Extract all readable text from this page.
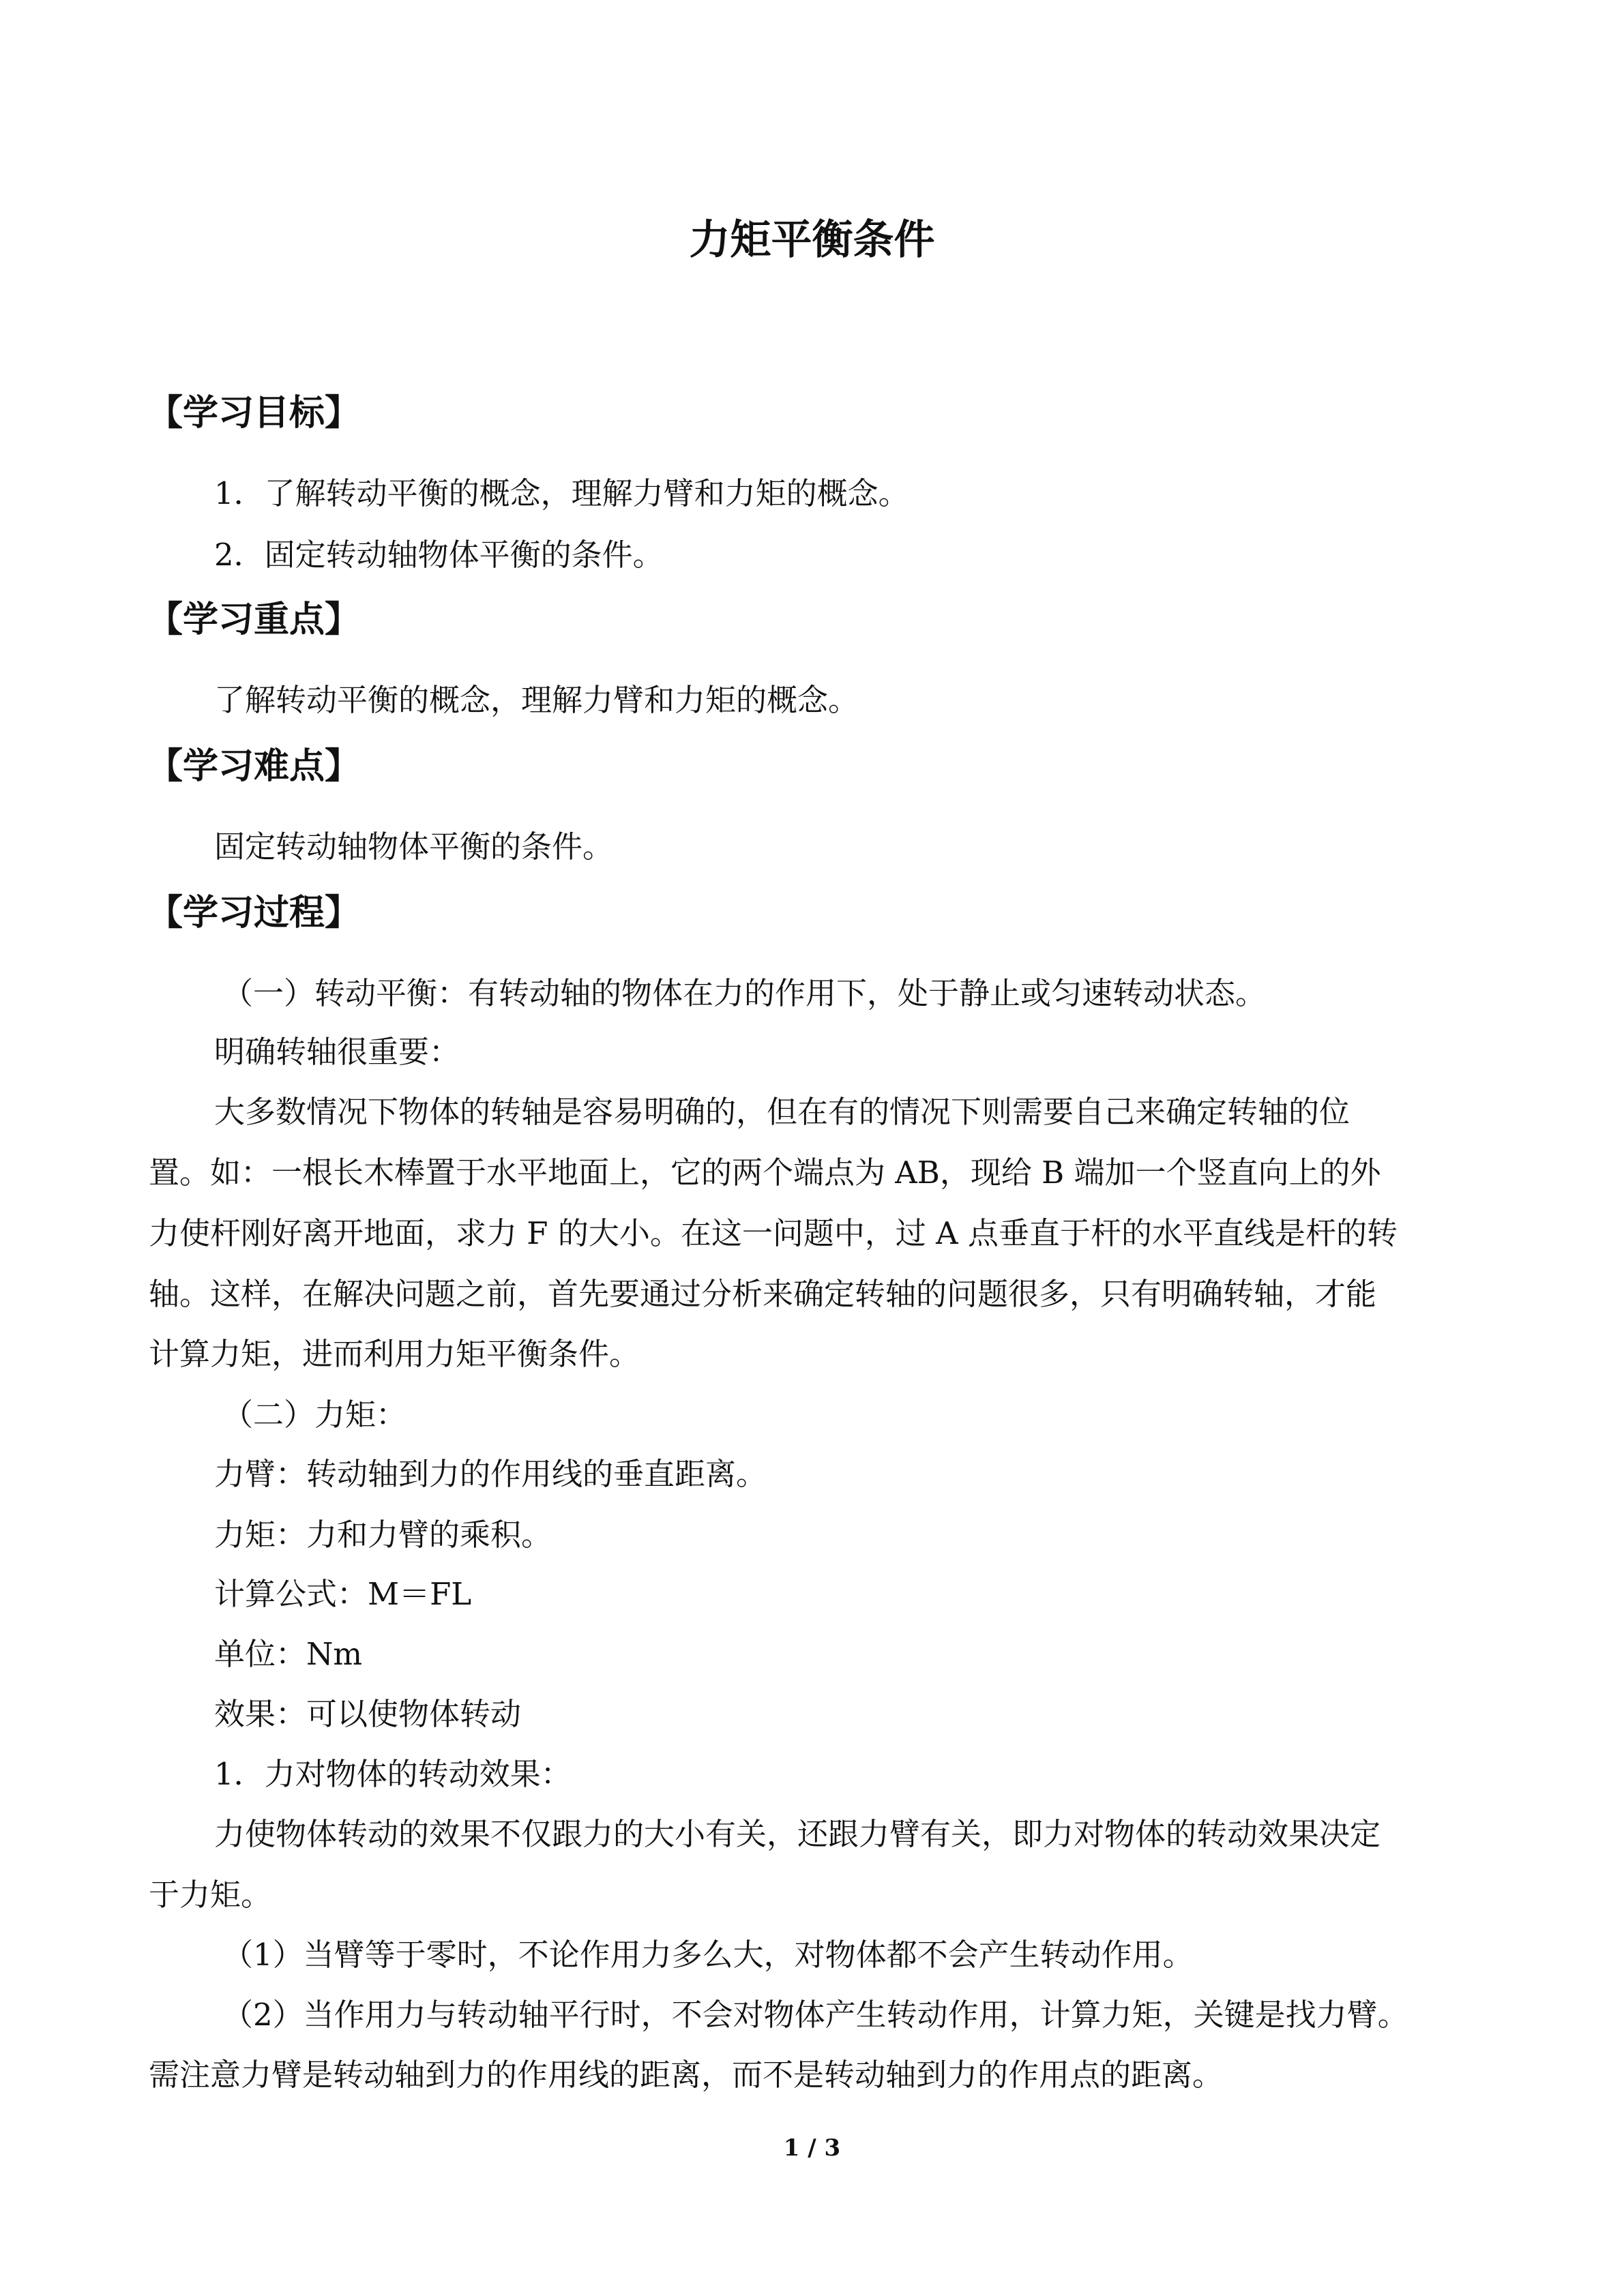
力矩平衡条件
【学习目标】

1．了解转动平衡的概念，理解力臂和力矩的概念。

2．固定转动轴物体平衡的条件。

【学习重点】

了解转动平衡的概念，理解力臂和力矩的概念。

【学习难点】

固定转动轴物体平衡的条件。

【学习过程】

（一）转动平衡：有转动轴的物体在力的作用下，处于静止或匀速转动状态。

明确转轴很重要：

大多数情况下物体的转轴是容易明确的，但在有的情况下则需要自己来确定转轴的位

置。如：一根长木棒置于水平地面上，它的两个端点为 AB，现给 B 端加一个竖直向上的外

力使杆刚好离开地面，求力 F 的大小。在这一问题中，过 A 点垂直于杆的水平直线是杆的转

轴。这样，在解决问题之前，首先要通过分析来确定转轴的问题很多，只有明确转轴，才能

计算力矩，进而利用力矩平衡条件。

（二）力矩：

力臂：转动轴到力的作用线的垂直距离。

力矩：力和力臂的乘积。

计算公式：M＝FL

单位：Nm

效果：可以使物体转动

1．力对物体的转动效果：

力使物体转动的效果不仅跟力的大小有关，还跟力臂有关，即力对物体的转动效果决定

于力矩。

（1）当臂等于零时，不论作用力多么大，对物体都不会产生转动作用。

（2）当作用力与转动轴平行时，不会对物体产生转动作用，计算力矩，关键是找力臂。

需注意力臂是转动轴到力的作用线的距离，而不是转动轴到力的作用点的距离。

1 / 3
